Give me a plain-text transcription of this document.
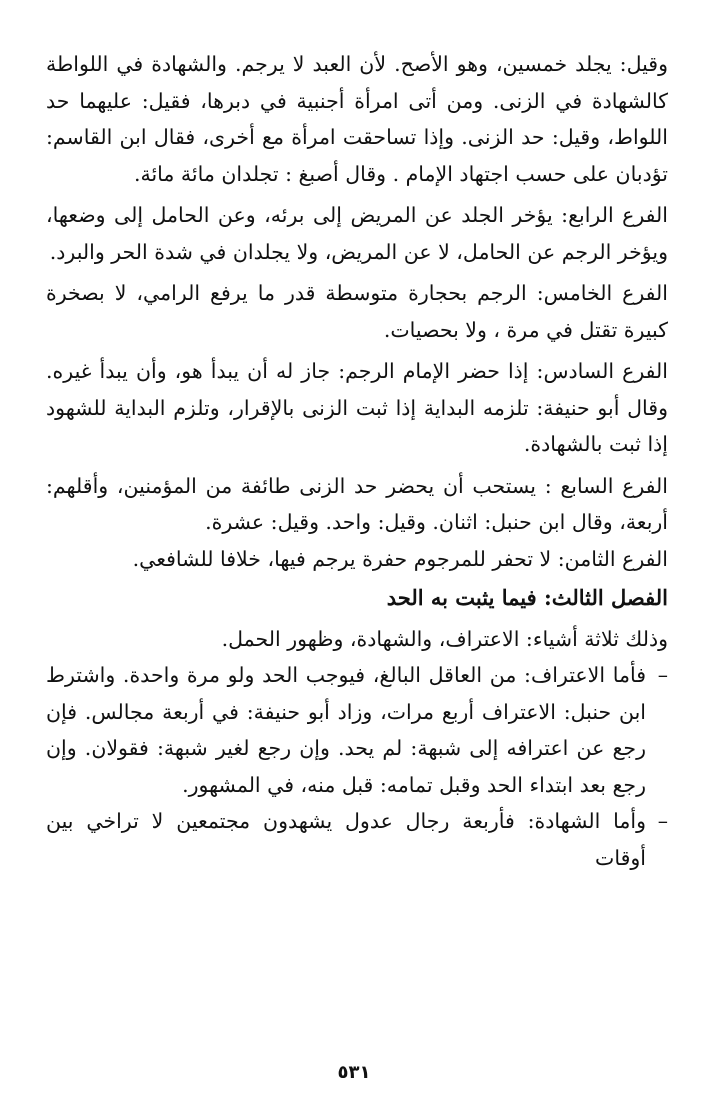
وقيل: يجلد خمسين، وهو الأصح. لأن العبد لا يرجم. والشهادة في اللواطة كالشهادة في الزنى. ومن أتى امرأة أجنبية في دبرها، فقيل: عليهما حد اللواط، وقيل: حد الزنى. وإذا تساحقت امرأة مع أخرى، فقال ابن القاسم: تؤدبان على حسب اجتهاد الإمام . وقال أصبغ : تجلدان مائة مائة.

الفرع الرابع: يؤخر الجلد عن المريض إلى برئه، وعن الحامل إلى وضعها، ويؤخر الرجم عن الحامل، لا عن المريض، ولا يجلدان في شدة الحر والبرد.

الفرع الخامس: الرجم بحجارة متوسطة قدر ما يرفع الرامي، لا بصخرة كبيرة تقتل في مرة ، ولا بحصيات.

الفرع السادس: إذا حضر الإمام الرجم: جاز له أن يبدأ هو، وأن يبدأ غيره. وقال أبو حنيفة: تلزمه البداية إذا ثبت الزنى بالإقرار، وتلزم البداية للشهود إذا ثبت بالشهادة.

الفرع السابع : يستحب أن يحضر حد الزنى طائفة من المؤمنين، وأقلهم: أربعة، وقال ابن حنبل: اثنان. وقيل: واحد. وقيل: عشرة.

الفرع الثامن: لا تحفر للمرجوم حفرة يرجم فيها، خلافا للشافعي.

الفصل الثالث: فيما يثبت به الحد

وذلك ثلاثة أشياء: الاعتراف، والشهادة، وظهور الحمل.

–
فأما الاعتراف: من العاقل البالغ، فيوجب الحد ولو مرة واحدة. واشترط ابن حنبل: الاعتراف أربع مرات، وزاد أبو حنيفة: في أربعة مجالس. فإن رجع عن اعترافه إلى شبهة: لم يحد. وإن رجع لغير شبهة: فقولان. وإن رجع بعد ابتداء الحد وقبل تمامه: قبل منه، في المشهور.

–
وأما الشهادة: فأربعة رجال عدول يشهدون مجتمعين لا تراخي بين أوقات

٥٣١
